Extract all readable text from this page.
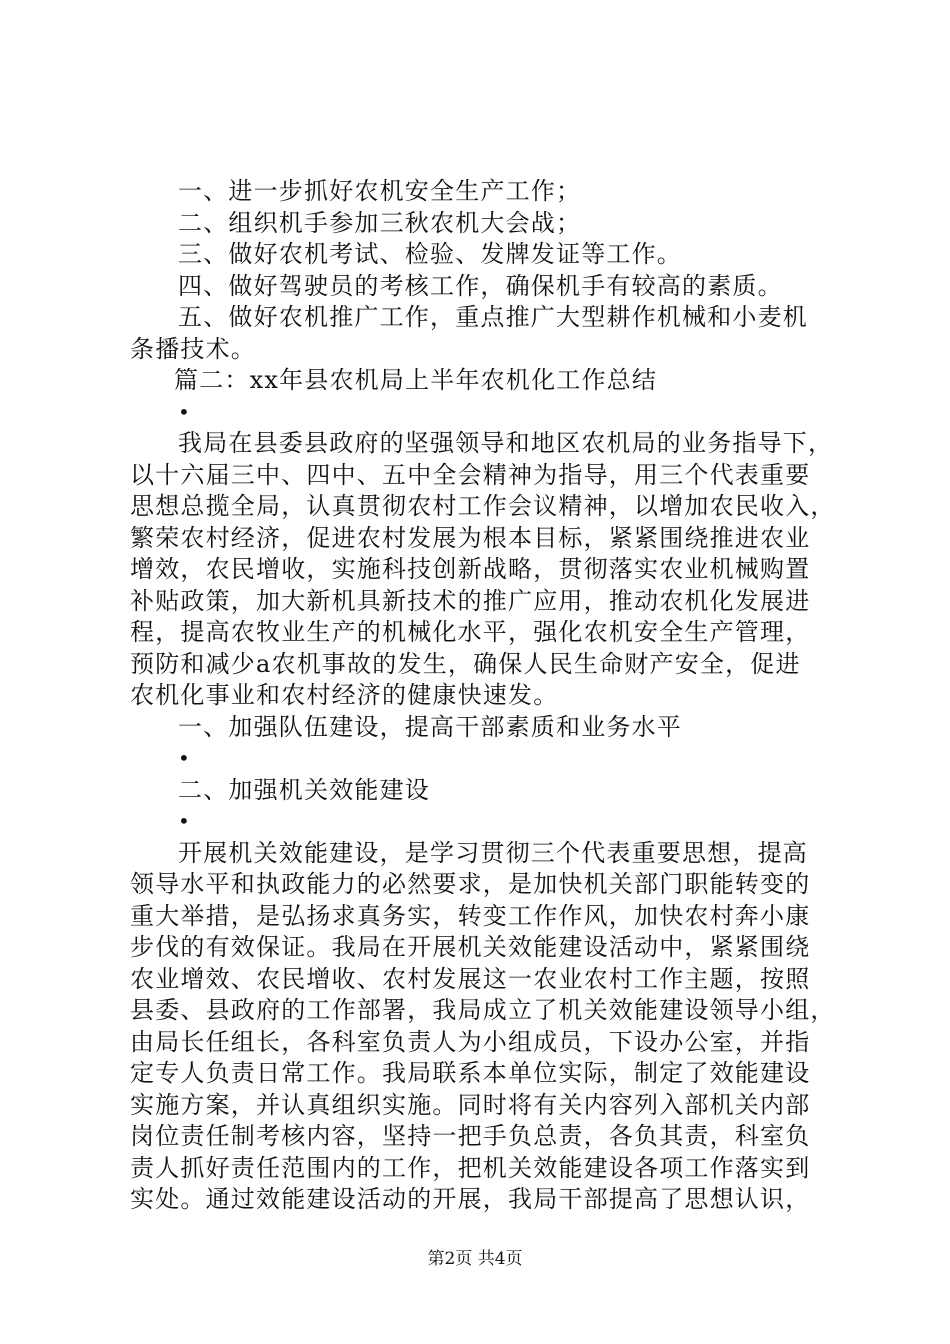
一、进一步抓好农机安全生产工作；
二、组织机手参加三秋农机大会战；
三、做好农机考试、检验、发牌发证等工作。
四、做好驾驶员的考核工作，确保机手有较高的素质。
五、做好农机推广工作，重点推广大型耕作机械和小麦机
条播技术。
篇二：xx年县农机局上半年农机化工作总结
•
我局在县委县政府的坚强领导和地区农机局的业务指导下，
以十六届三中、四中、五中全会精神为指导，用三个代表重要
思想总揽全局，认真贯彻农村工作会议精神，以增加农民收入，
繁荣农村经济，促进农村发展为根本目标，紧紧围绕推进农业
增效，农民增收，实施科技创新战略，贯彻落实农业机械购置
补贴政策，加大新机具新技术的推广应用，推动农机化发展进
程，提高农牧业生产的机械化水平，强化农机安全生产管理，
预防和减少a农机事故的发生，确保人民生命财产安全，促进
农机化事业和农村经济的健康快速发。
一、加强队伍建设，提高干部素质和业务水平
•
二、加强机关效能建设
•
开展机关效能建设，是学习贯彻三个代表重要思想，提高
领导水平和执政能力的必然要求，是加快机关部门职能转变的
重大举措，是弘扬求真务实，转变工作作风，加快农村奔小康
步伐的有效保证。我局在开展机关效能建设活动中，紧紧围绕
农业增效、农民增收、农村发展这一农业农村工作主题，按照
县委、县政府的工作部署，我局成立了机关效能建设领导小组，
由局长任组长，各科室负责人为小组成员，下设办公室，并指
定专人负责日常工作。我局联系本单位实际，制定了效能建设
实施方案，并认真组织实施。同时将有关内容列入部机关内部
岗位责任制考核内容，坚持一把手负总责，各负其责，科室负
责人抓好责任范围内的工作，把机关效能建设各项工作落实到
实处。通过效能建设活动的开展，我局干部提高了思想认识，
第2页 共4页
